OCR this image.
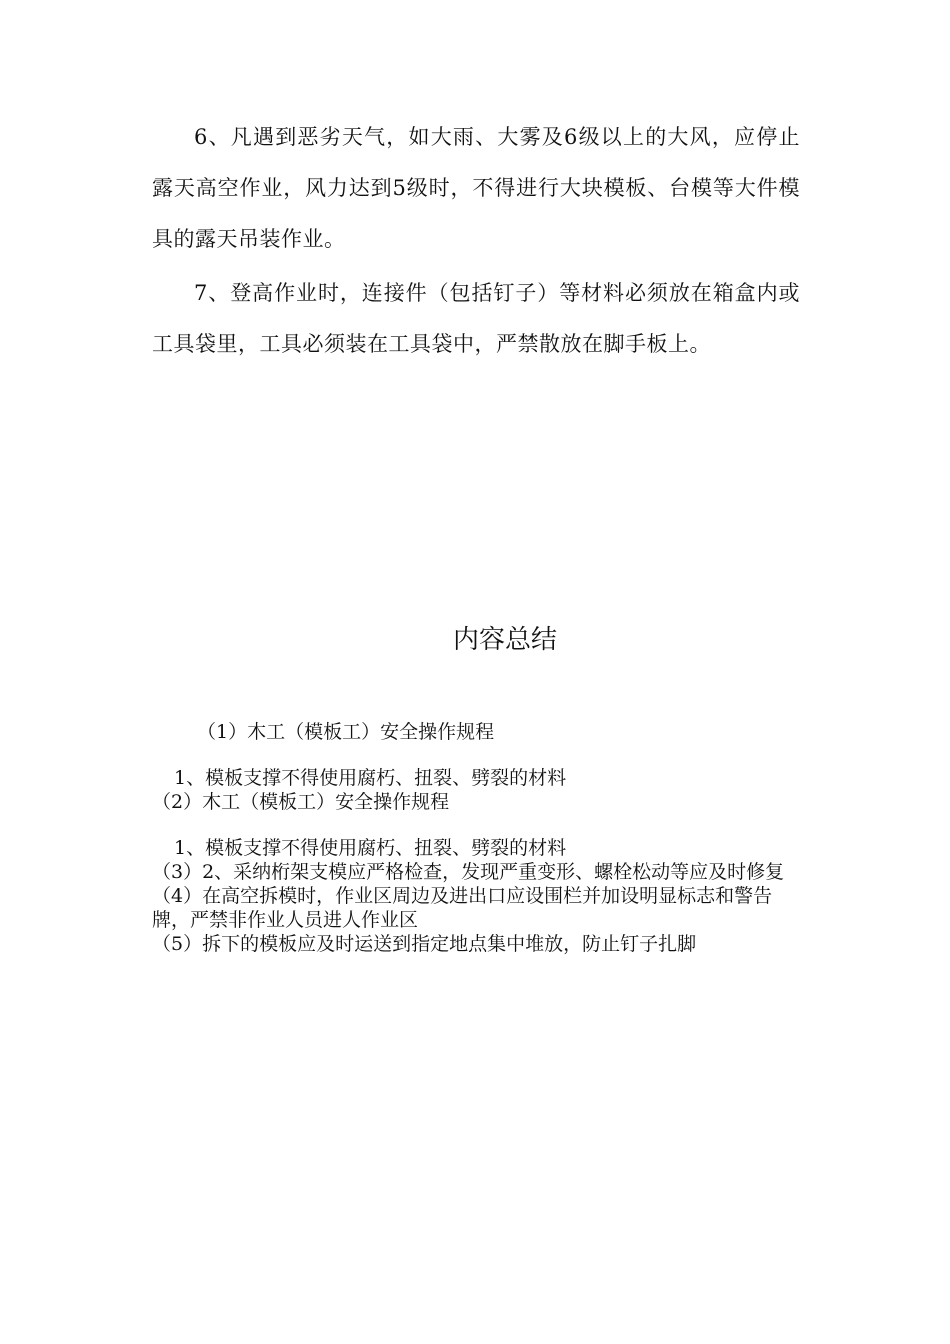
6、凡遇到恶劣天气，如大雨、大雾及6级以上的大风，应停止露天高空作业，风力达到5级时，不得进行大块模板、台模等大件模具的露天吊装作业。

7、登高作业时，连接件（包括钉子）等材料必须放在箱盒内或工具袋里，工具必须装在工具袋中，严禁散放在脚手板上。

内容总结
（1）木工（模板工）安全操作规程
1、模板支撑不得使用腐朽、扭裂、劈裂的材料
（2）木工（模板工）安全操作规程
1、模板支撑不得使用腐朽、扭裂、劈裂的材料
（3）2、采纳桁架支模应严格检查，发现严重变形、螺栓松动等应及时修复
（4）在高空拆模时，作业区周边及进出口应设围栏并加设明显标志和警告牌，严禁非作业人员进人作业区
（5）拆下的模板应及时运送到指定地点集中堆放，防止钉子扎脚
